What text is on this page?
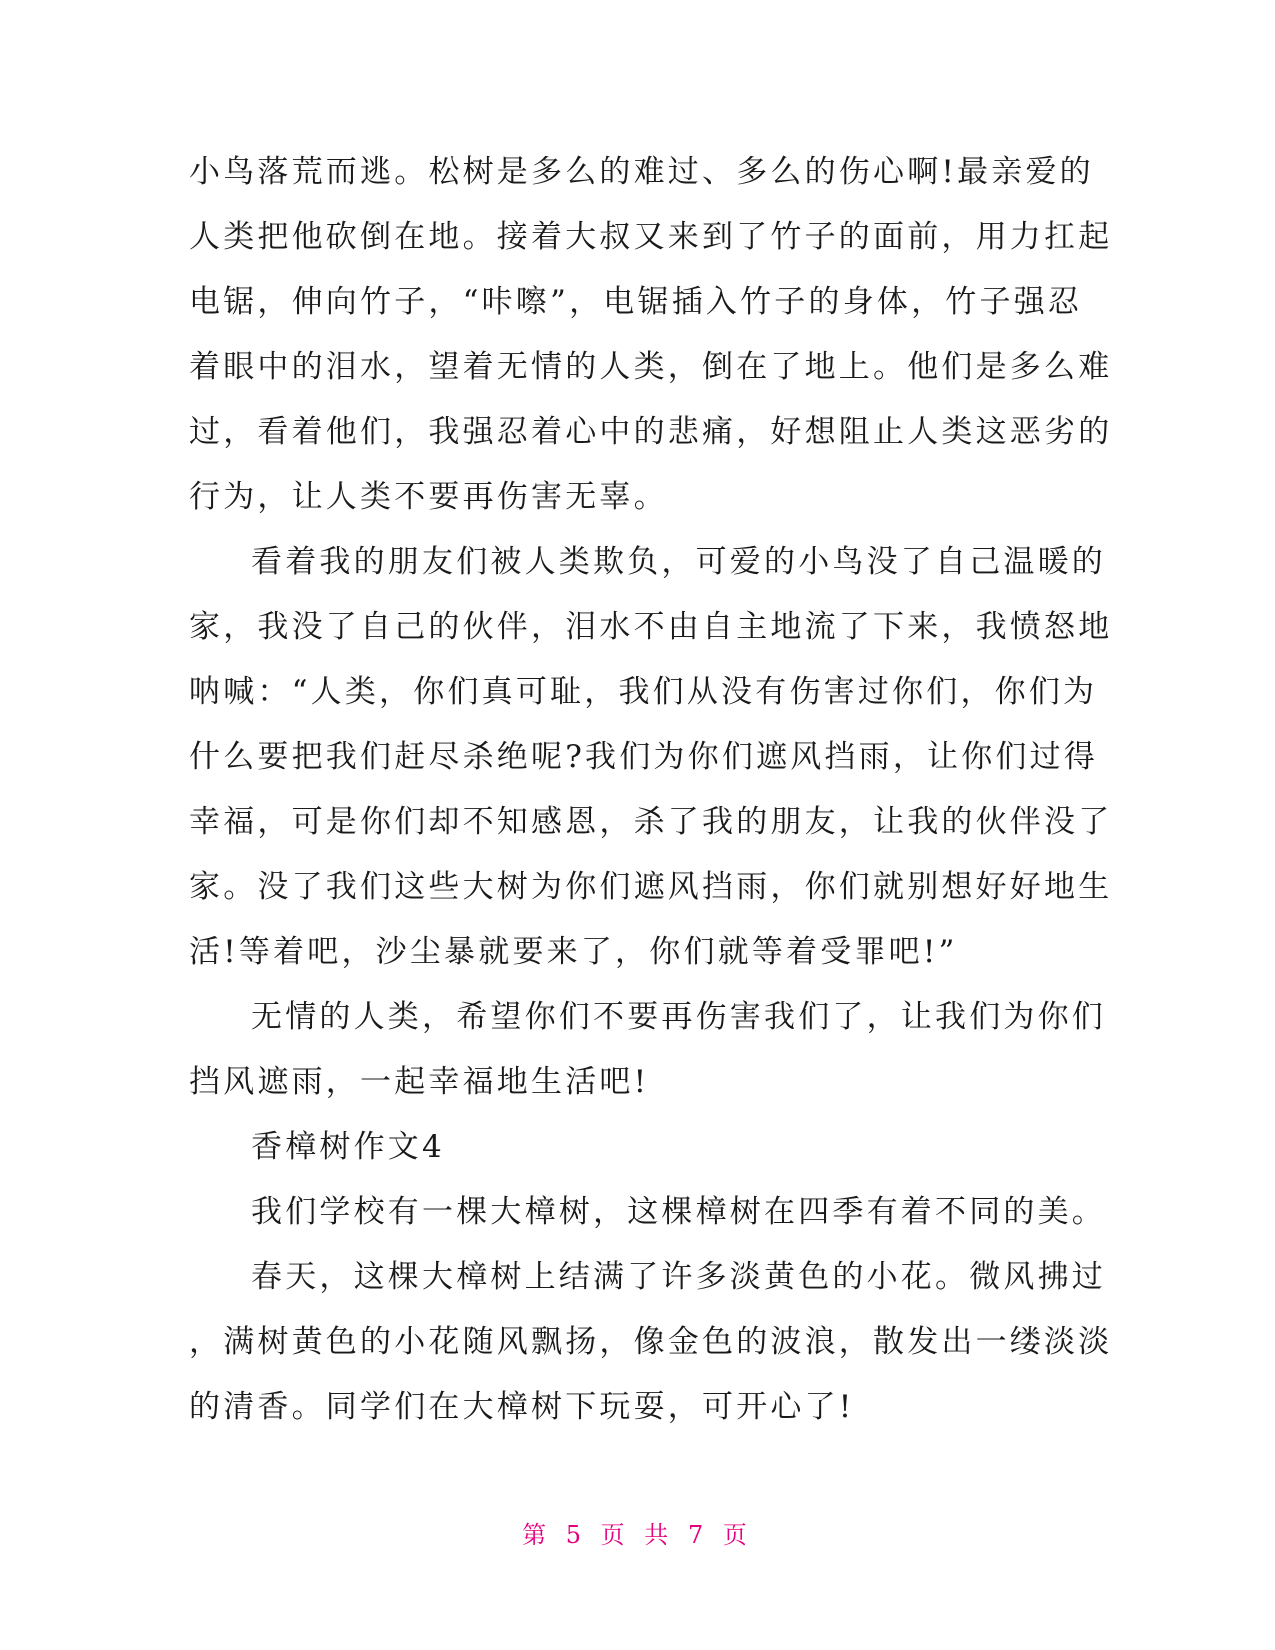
小鸟落荒而逃。松树是多么的难过、多么的伤心啊!最亲爱的
人类把他砍倒在地。接着大叔又来到了竹子的面前，用力扛起
电锯，伸向竹子，“咔嚓”，电锯插入竹子的身体，竹子强忍
着眼中的泪水，望着无情的人类，倒在了地上。他们是多么难
过，看着他们，我强忍着心中的悲痛，好想阻止人类这恶劣的
行为，让人类不要再伤害无辜。
看着我的朋友们被人类欺负，可爱的小鸟没了自己温暖的
家，我没了自己的伙伴，泪水不由自主地流了下来，我愤怒地
呐喊：“人类，你们真可耻，我们从没有伤害过你们，你们为
什么要把我们赶尽杀绝呢?我们为你们遮风挡雨，让你们过得
幸福，可是你们却不知感恩，杀了我的朋友，让我的伙伴没了
家。没了我们这些大树为你们遮风挡雨，你们就别想好好地生
活!等着吧，沙尘暴就要来了，你们就等着受罪吧!”
无情的人类，希望你们不要再伤害我们了，让我们为你们
挡风遮雨，一起幸福地生活吧!
香樟树作文4
我们学校有一棵大樟树，这棵樟树在四季有着不同的美。
春天，这棵大樟树上结满了许多淡黄色的小花。微风拂过
，满树黄色的小花随风飘扬，像金色的波浪，散发出一缕淡淡
的清香。同学们在大樟树下玩耍，可开心了!
第 5 页 共 7 页
